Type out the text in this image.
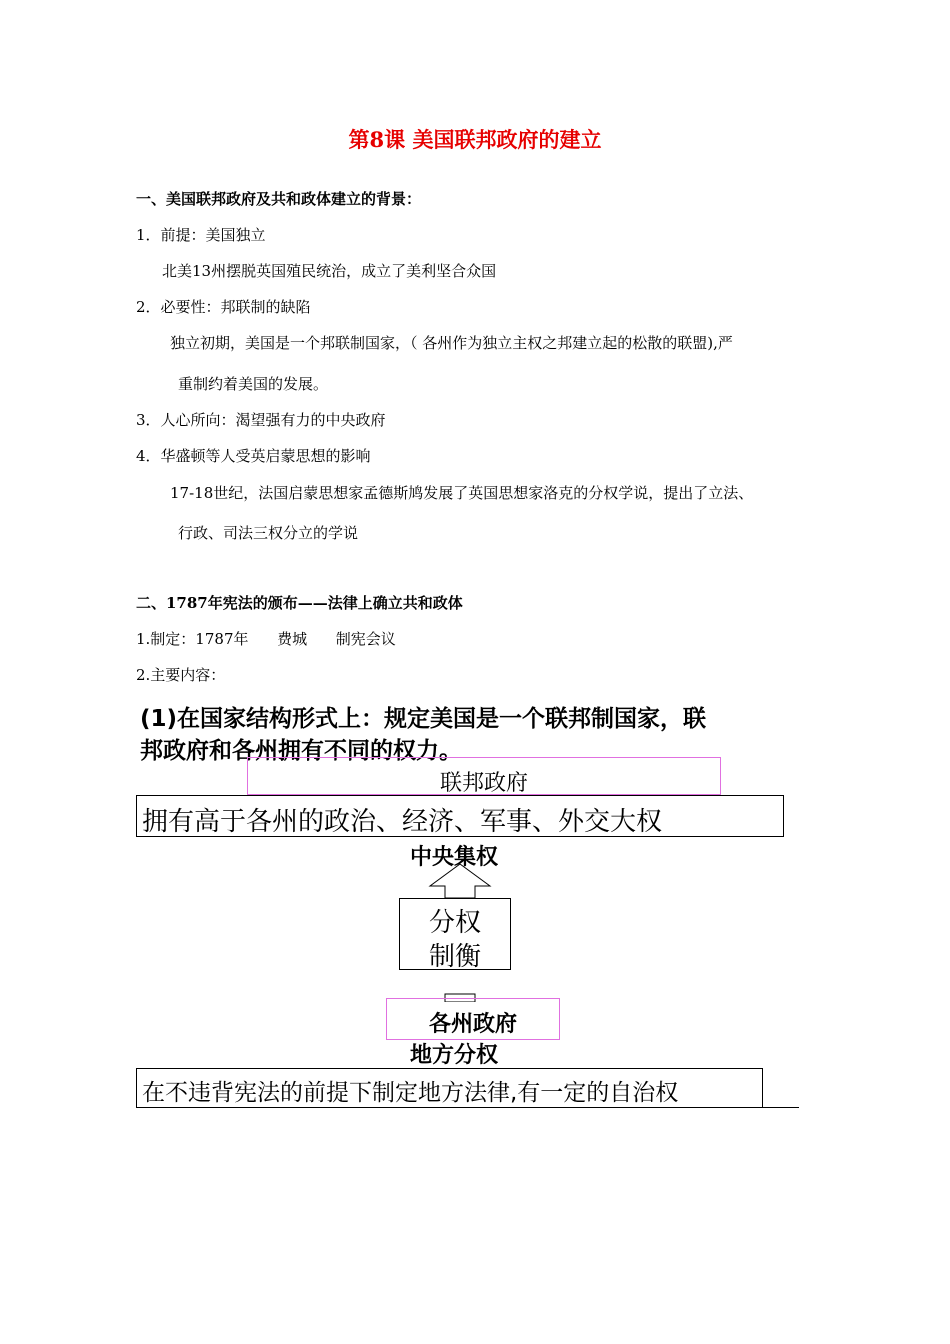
第8课 美国联邦政府的建立
一、美国联邦政府及共和政体建立的背景：
1．前提：美国独立
北美13州摆脱英国殖民统治，成立了美利坚合众国
2．必要性：邦联制的缺陷
独立初期，美国是一个邦联制国家，（ 各州作为独立主权之邦建立起的松散的联盟),严
重制约着美国的发展。
3．人心所向：渴望强有力的中央政府
4．华盛顿等人受英启蒙思想的影响
17-18世纪，法国启蒙思想家孟德斯鸠发展了英国思想家洛克的分权学说，提出了立法、
行政、司法三权分立的学说
二、1787年宪法的颁布——法律上确立共和政体
1.制定：1787年      费城      制宪会议
2.主要内容：
(1)在国家结构形式上：规定美国是一个联邦制国家，联
邦政府和各州拥有不同的权力。
联邦政府
拥有高于各州的政治、经济、军事、外交大权
中央集权
分权
制衡
各州政府
地方分权
在不违背宪法的前提下制定地方法律,有一定的自治权
